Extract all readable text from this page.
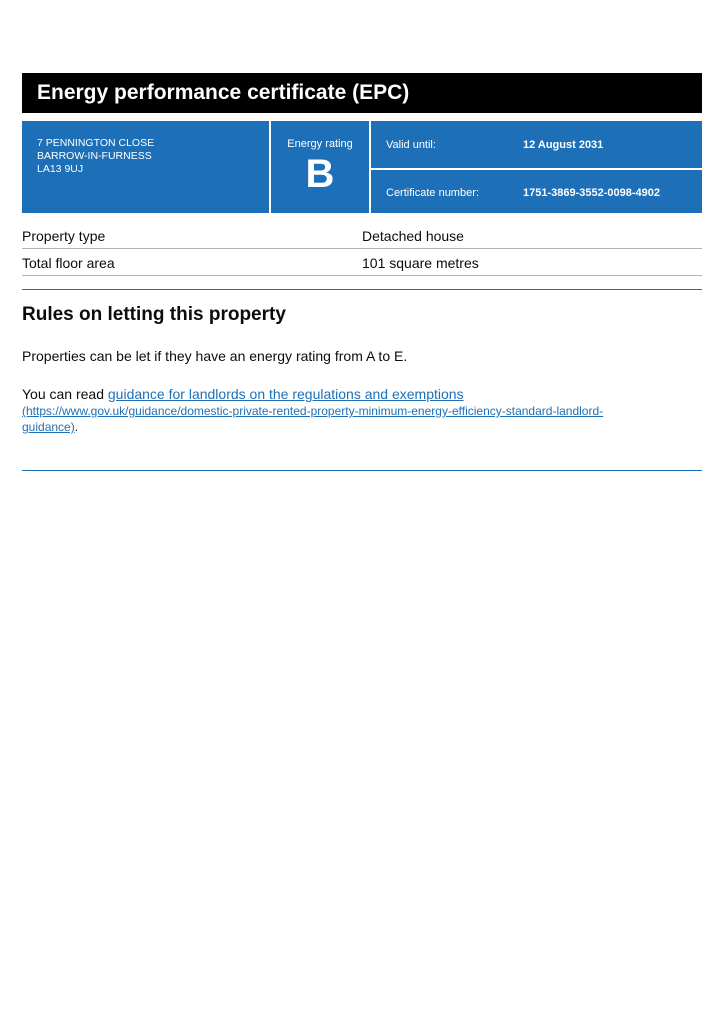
Energy performance certificate (EPC)
7 PENNINGTON CLOSE
BARROW-IN-FURNESS
LA13 9UJ
Energy rating
B
Valid until:	12 August 2031
Certificate number:	1751-3869-3552-0098-4902
Property type	Detached house
Total floor area	101 square metres
Rules on letting this property
Properties can be let if they have an energy rating from A to E.
You can read guidance for landlords on the regulations and exemptions
(https://www.gov.uk/guidance/domestic-private-rented-property-minimum-energy-efficiency-standard-landlord-
guidance).
